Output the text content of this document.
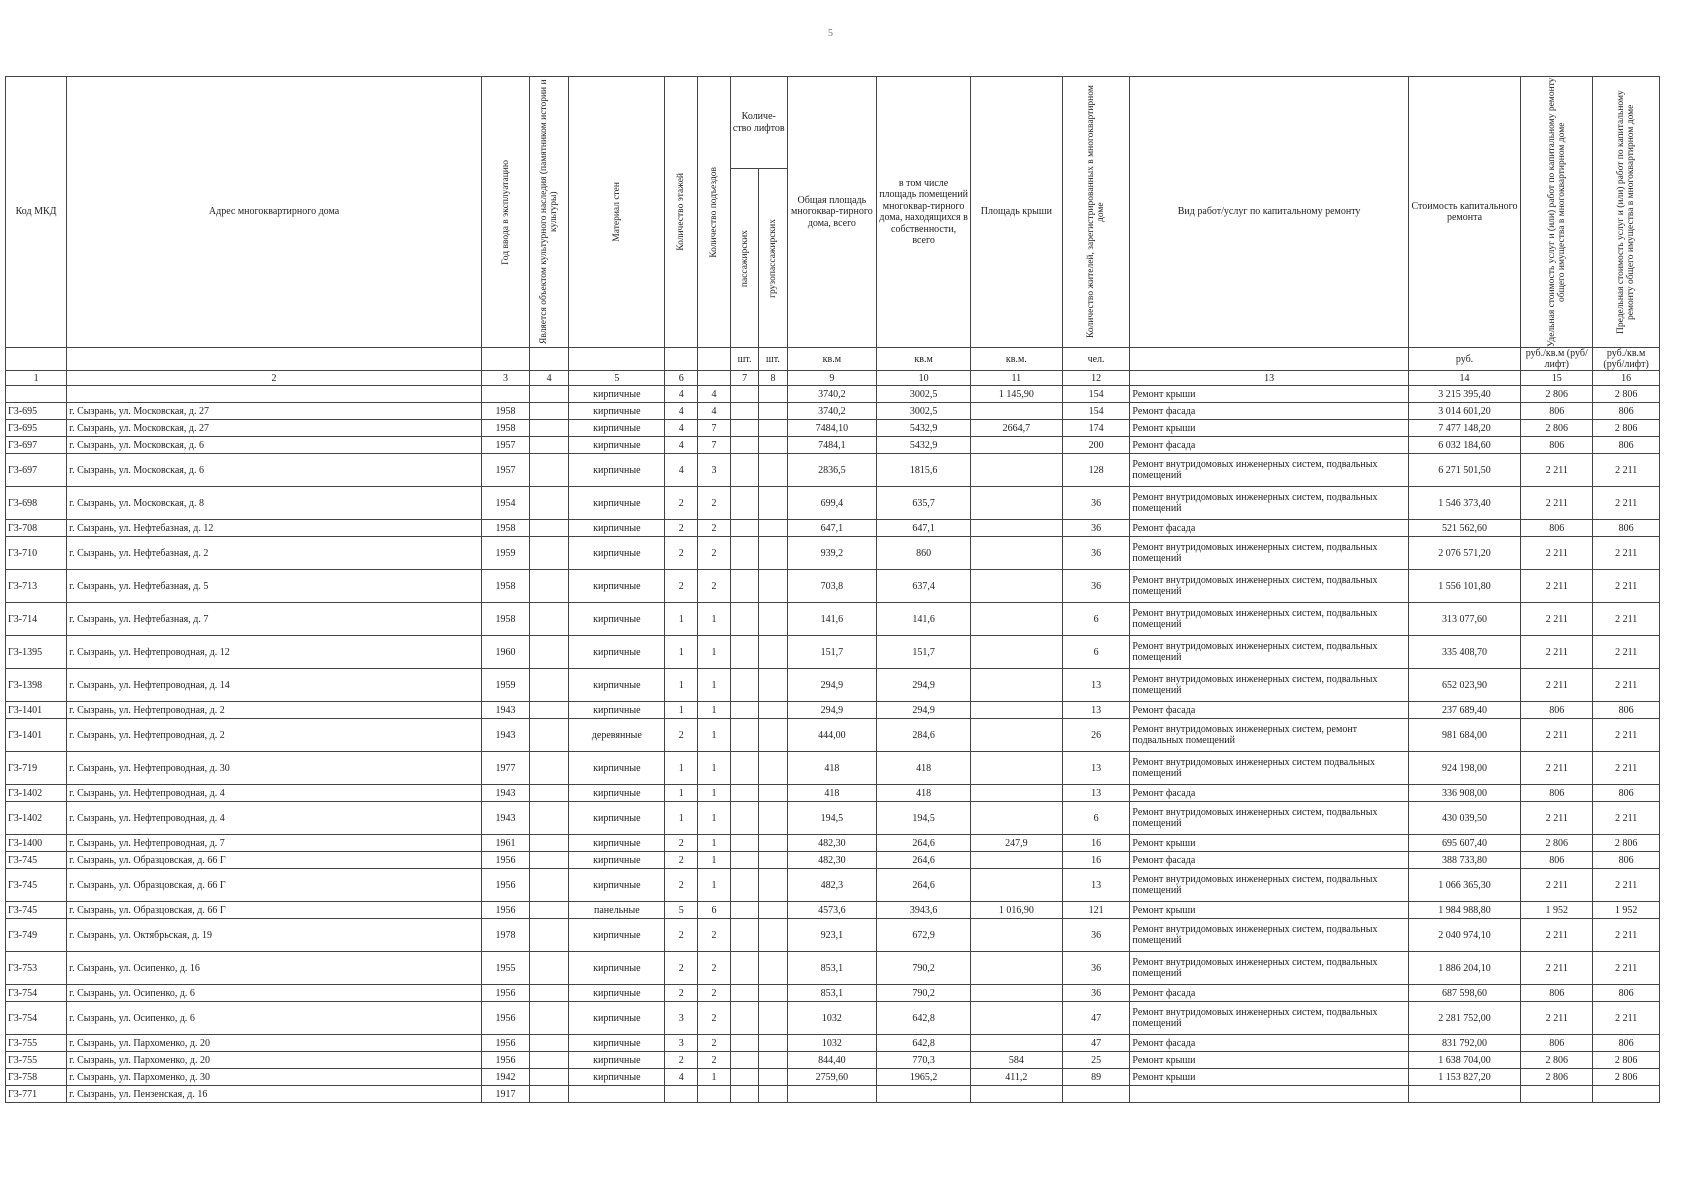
5
Код МКД	Адрес многоквартирного дома	Год ввода в эксплуатацию	Является объектом культурного наследия (памятником истории и культуры)	Материал стен	Количество этажей	Количество подъездов	Количе-ство лифтов		Общая площадь многоквар-тирного дома, всего	в том числе площадь помещений многоквар-тирного дома, находящихся в собственности, всего	Площадь крыши	Количество жителей, зарегистрированных в многоквартирном доме	Вид работ/услуг по капитальному ремонту	Стоимость капитального ремонта	Удельная стоимость услуг и (или) работ по капитальному ремонту общего имущества в многоквартирном доме	Предельная стоимость услуг и (или) работ по капитальному ремонту общего имущества в многоквартирном доме

							пассажирских	грузопассажирских								

							шт.	шт.	кв.м	кв.м	кв.м.	чел.		руб.	руб./кв.м (руб/лифт)	руб./кв.м (руб/лифт)
1	2	3	4	5	6		7	8	9	10	11	12	13	14	15	16
				кирпичные	4	4			3740,2	3002,5	1 145,90	154	Ремонт крыши	3 215 395,40	2 806	2 806
Г3-695	г. Сызрань, ул. Московская, д. 27	1958		кирпичные	4	4			3740,2	3002,5		154	Ремонт фасада	3 014 601,20	806	806
Г3-695	г. Сызрань, ул. Московская, д. 27	1958		кирпичные	4	7			7484,10	5432,9	2664,7	174	Ремонт крыши	7 477 148,20	2 806	2 806
Г3-697	г. Сызрань, ул. Московская, д. 6	1957		кирпичные	4	7			7484,1	5432,9		200	Ремонт фасада	6 032 184,60	806	806
Г3-697	г. Сызрань, ул. Московская, д. 6	1957		кирпичные	4	3			2836,5	1815,6		128	Ремонт внутридомовых инженерных систем, подвальных помещений	6 271 501,50	2 211	2 211
Г3-698	г. Сызрань, ул. Московская, д. 8	1954		кирпичные	2	2			699,4	635,7		36	Ремонт внутридомовых инженерных систем, подвальных помещений	1 546 373,40	2 211	2 211
Г3-708	г. Сызрань, ул. Нефтебазная, д. 12	1958		кирпичные	2	2			647,1	647,1		36	Ремонт фасада	521 562,60	806	806
Г3-710	г. Сызрань, ул. Нефтебазная, д. 2	1959		кирпичные	2	2			939,2	860		36	Ремонт внутридомовых инженерных систем, подвальных помещений	2 076 571,20	2 211	2 211
Г3-713	г. Сызрань, ул. Нефтебазная, д. 5	1958		кирпичные	2	2			703,8	637,4		36	Ремонт внутридомовых инженерных систем, подвальных помещений	1 556 101,80	2 211	2 211
Г3-714	г. Сызрань, ул. Нефтебазная, д. 7	1958		кирпичные	1	1			141,6	141,6		6	Ремонт внутридомовых инженерных систем, подвальных помещений	313 077,60	2 211	2 211
Г3-1395	г. Сызрань, ул. Нефтепроводная, д. 12	1960		кирпичные	1	1			151,7	151,7		6	Ремонт внутридомовых инженерных систем, подвальных помещений	335 408,70	2 211	2 211
Г3-1398	г. Сызрань, ул. Нефтепроводная, д. 14	1959		кирпичные	1	1			294,9	294,9		13	Ремонт внутридомовых инженерных систем, подвальных помещений	652 023,90	2 211	2 211
Г3-1401	г. Сызрань, ул. Нефтепроводная, д. 2	1943		кирпичные	1	1			294,9	294,9		13	Ремонт фасада	237 689,40	806	806
Г3-1401	г. Сызрань, ул. Нефтепроводная, д. 2	1943		деревянные	2	1			444,00	284,6		26	Ремонт внутридомовых инженерных систем, ремонт подвальных помещений	981 684,00	2 211	2 211
Г3-719	г. Сызрань, ул. Нефтепроводная, д. 30	1977		кирпичные	1	1			418	418		13	Ремонт внутридомовых инженерных систем подвальных помещений	924 198,00	2 211	2 211
Г3-1402	г. Сызрань, ул. Нефтепроводная, д. 4	1943		кирпичные	1	1			418	418		13	Ремонт фасада	336 908,00	806	806
Г3-1402	г. Сызрань, ул. Нефтепроводная, д. 4	1943		кирпичные	1	1			194,5	194,5		6	Ремонт внутридомовых инженерных систем, подвальных помещений	430 039,50	2 211	2 211
Г3-1400	г. Сызрань, ул. Нефтепроводная, д. 7	1961		кирпичные	2	1			482,30	264,6	247,9	16	Ремонт крыши	695 607,40	2 806	2 806
Г3-745	г. Сызрань, ул. Образцовская, д. 66 Г	1956		кирпичные	2	1			482,30	264,6		16	Ремонт фасада	388 733,80	806	806
Г3-745	г. Сызрань, ул. Образцовская, д. 66 Г	1956		кирпичные	2	1			482,3	264,6		13	Ремонт внутридомовых инженерных систем, подвальных помещений	1 066 365,30	2 211	2 211
Г3-745	г. Сызрань, ул. Образцовская, д. 66 Г	1956		панельные	5	6			4573,6	3943,6	1 016,90	121	Ремонт крыши	1 984 988,80	1 952	1 952
Г3-749	г. Сызрань, ул. Октябрьская, д. 19	1978		кирпичные	2	2			923,1	672,9		36	Ремонт внутридомовых инженерных систем, подвальных помещений	2 040 974,10	2 211	2 211
Г3-753	г. Сызрань, ул. Осипенко, д. 16	1955		кирпичные	2	2			853,1	790,2		36	Ремонт внутридомовых инженерных систем, подвальных помещений	1 886 204,10	2 211	2 211
Г3-754	г. Сызрань, ул. Осипенко, д. 6	1956		кирпичные	2	2			853,1	790,2		36	Ремонт фасада	687 598,60	806	806
Г3-754	г. Сызрань, ул. Осипенко, д. 6	1956		кирпичные	3	2			1032	642,8		47	Ремонт внутридомовых инженерных систем, подвальных помещений	2 281 752,00	2 211	2 211
Г3-755	г. Сызрань, ул. Пархоменко, д. 20	1956		кирпичные	3	2			1032	642,8		47	Ремонт фасада	831 792,00	806	806
Г3-755	г. Сызрань, ул. Пархоменко, д. 20	1956		кирпичные	2	2			844,40	770,3	584	25	Ремонт крыши	1 638 704,00	2 806	2 806
Г3-758	г. Сызрань, ул. Пархоменко, д. 30	1942		кирпичные	4	1			2759,60	1965,2	411,2	89	Ремонт крыши	1 153 827,20	2 806	2 806
Г3-771	г. Сызрань, ул. Пензенская, д. 16	1917														
